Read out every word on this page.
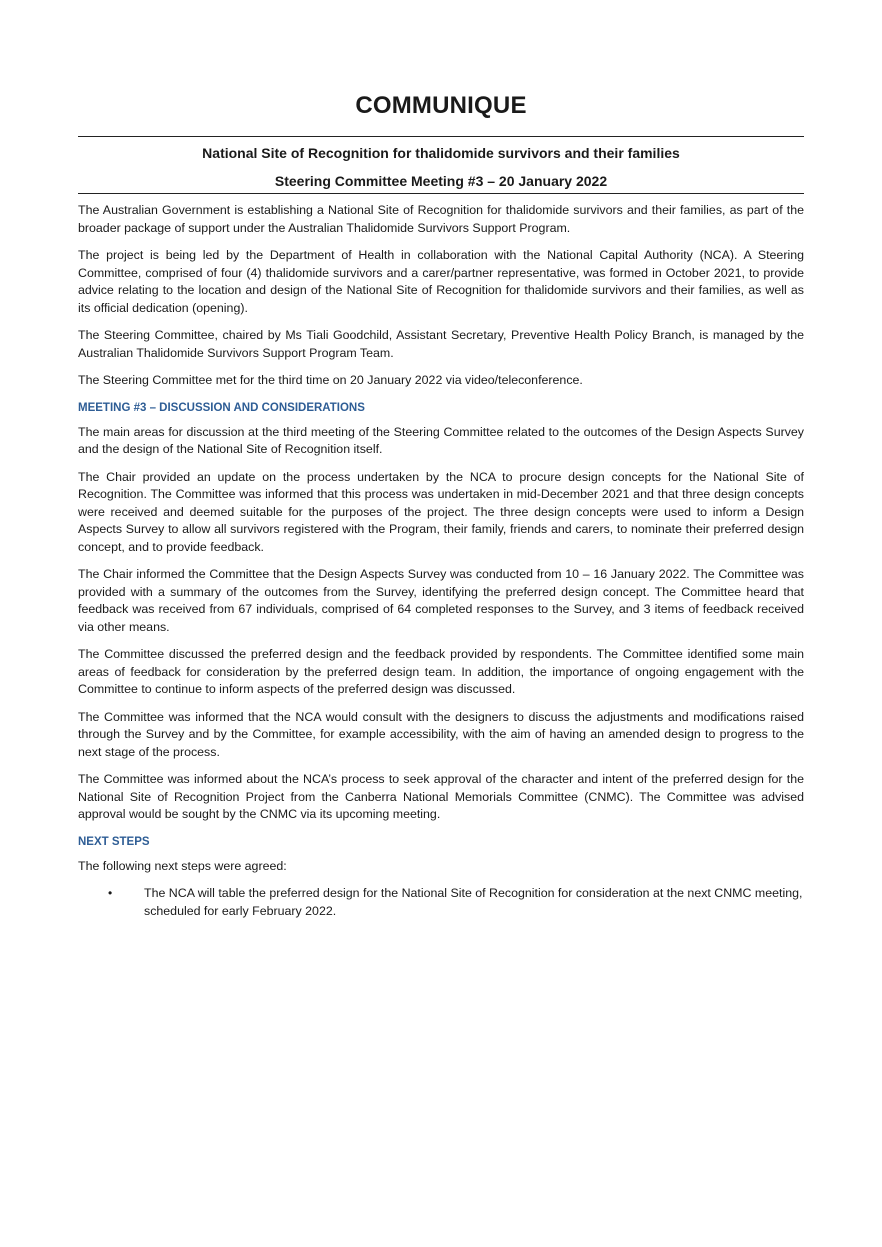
COMMUNIQUE
National Site of Recognition for thalidomide survivors and their families
Steering Committee Meeting #3 – 20 January 2022

The Australian Government is establishing a National Site of Recognition for thalidomide survivors and their families, as part of the broader package of support under the Australian Thalidomide Survivors Support Program.

The project is being led by the Department of Health in collaboration with the National Capital Authority (NCA). A Steering Committee, comprised of four (4) thalidomide survivors and a carer/partner representative, was formed in October 2021, to provide advice relating to the location and design of the National Site of Recognition for thalidomide survivors and their families, as well as its official dedication (opening).

The Steering Committee, chaired by Ms Tiali Goodchild, Assistant Secretary, Preventive Health Policy Branch, is managed by the Australian Thalidomide Survivors Support Program Team.

The Steering Committee met for the third time on 20 January 2022 via video/teleconference.

MEETING #3 – DISCUSSION AND CONSIDERATIONS

The main areas for discussion at the third meeting of the Steering Committee related to the outcomes of the Design Aspects Survey and the design of the National Site of Recognition itself.

The Chair provided an update on the process undertaken by the NCA to procure design concepts for the National Site of Recognition. The Committee was informed that this process was undertaken in mid-December 2021 and that three design concepts were received and deemed suitable for the purposes of the project. The three design concepts were used to inform a Design Aspects Survey to allow all survivors registered with the Program, their family, friends and carers, to nominate their preferred design concept, and to provide feedback.

The Chair informed the Committee that the Design Aspects Survey was conducted from 10 – 16 January 2022. The Committee was provided with a summary of the outcomes from the Survey, identifying the preferred design concept. The Committee heard that feedback was received from 67 individuals, comprised of 64 completed responses to the Survey, and 3 items of feedback received via other means.

The Committee discussed the preferred design and the feedback provided by respondents. The Committee identified some main areas of feedback for consideration by the preferred design team. In addition, the importance of ongoing engagement with the Committee to continue to inform aspects of the preferred design was discussed.

The Committee was informed that the NCA would consult with the designers to discuss the adjustments and modifications raised through the Survey and by the Committee, for example accessibility, with the aim of having an amended design to progress to the next stage of the process.

The Committee was informed about the NCA’s process to seek approval of the character and intent of the preferred design for the National Site of Recognition Project from the Canberra National Memorials Committee (CNMC). The Committee was advised approval would be sought by the CNMC via its upcoming meeting.

NEXT STEPS

The following next steps were agreed:

•	The NCA will table the preferred design for the National Site of Recognition for consideration at the next CNMC meeting, scheduled for early February 2022.
